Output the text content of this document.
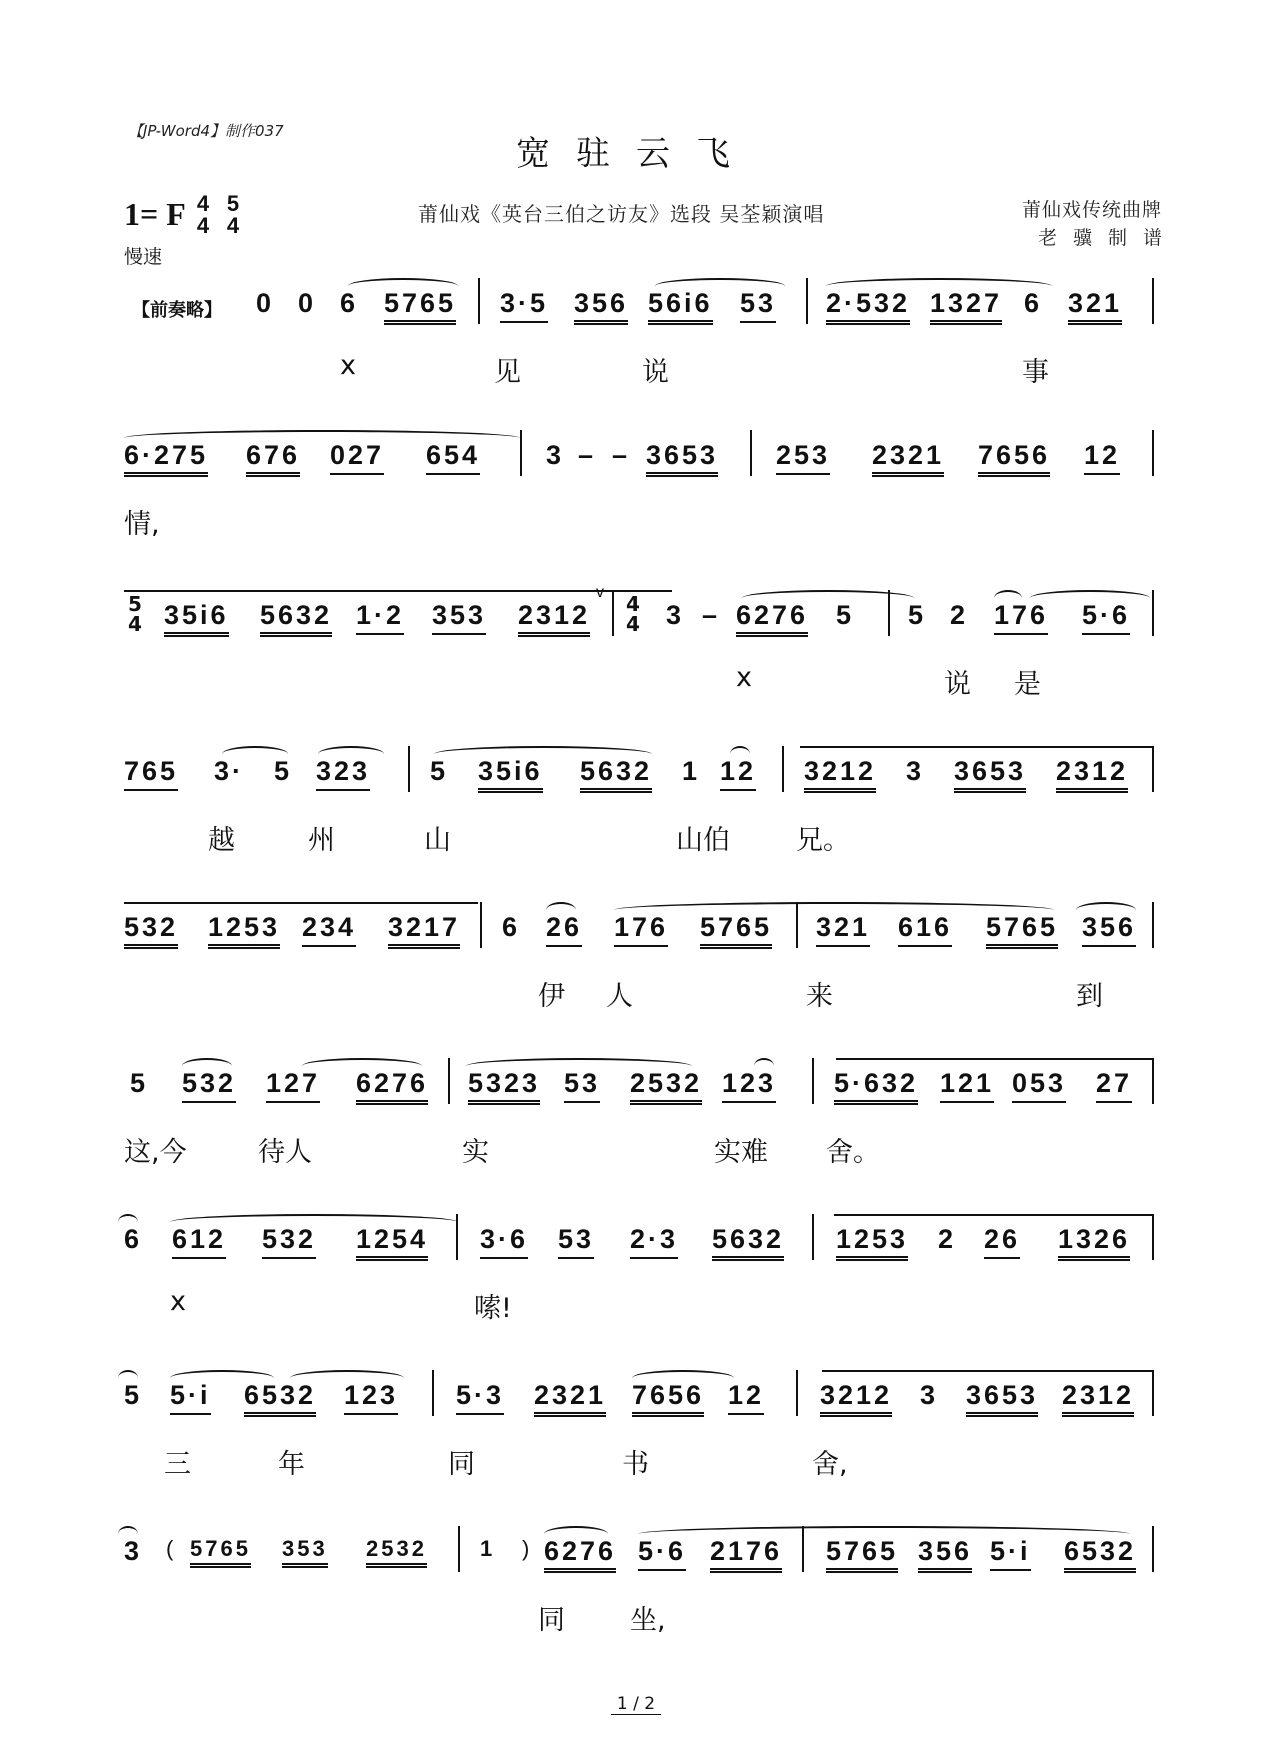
【JP-Word4】制作037
宽驻云飞
1= F 4
4
5
4
慢速
莆仙戏《英台三伯之访友》选段 吴荃颖演唱	莆仙戏传统曲牌
老骥制谱
【前奏略】 0 0 6 5765 3·5 356 56i6 53 2·532 1327 6 321
x	见	说	事
6·275 676 027 654 3 – – 3653 253 2321 7656 12
情,
5
4 35i6 5632 1·2 353 2312
v 4
4 3 – 6276 5 5 2 176 5·6
x	说 是
765 3· 5 323 5 35i6 5632 1 12 3212 3 3653 2312
越	州	山	山伯 兄。
532 1253 234 3217 6 26 176 5765 321 616 5765 356
伊 人	来	到
5 532 127 6276 5323 53 2532 123 5·632 121 053 27
这,今	待人	实	实难 舍。
6 612 532 1254 3·6 53 2·3 5632 1253 2 26 1326
x	嗦!
5 5·i 6532 123 5·3 2321 7656 12 3212 3 3653 2312
三	年	同	书	舍,
3 ( 5765 353 2532 1 ) 6276 5·6 2176 5765 356 5·i 6532
同 坐,
1 / 2
